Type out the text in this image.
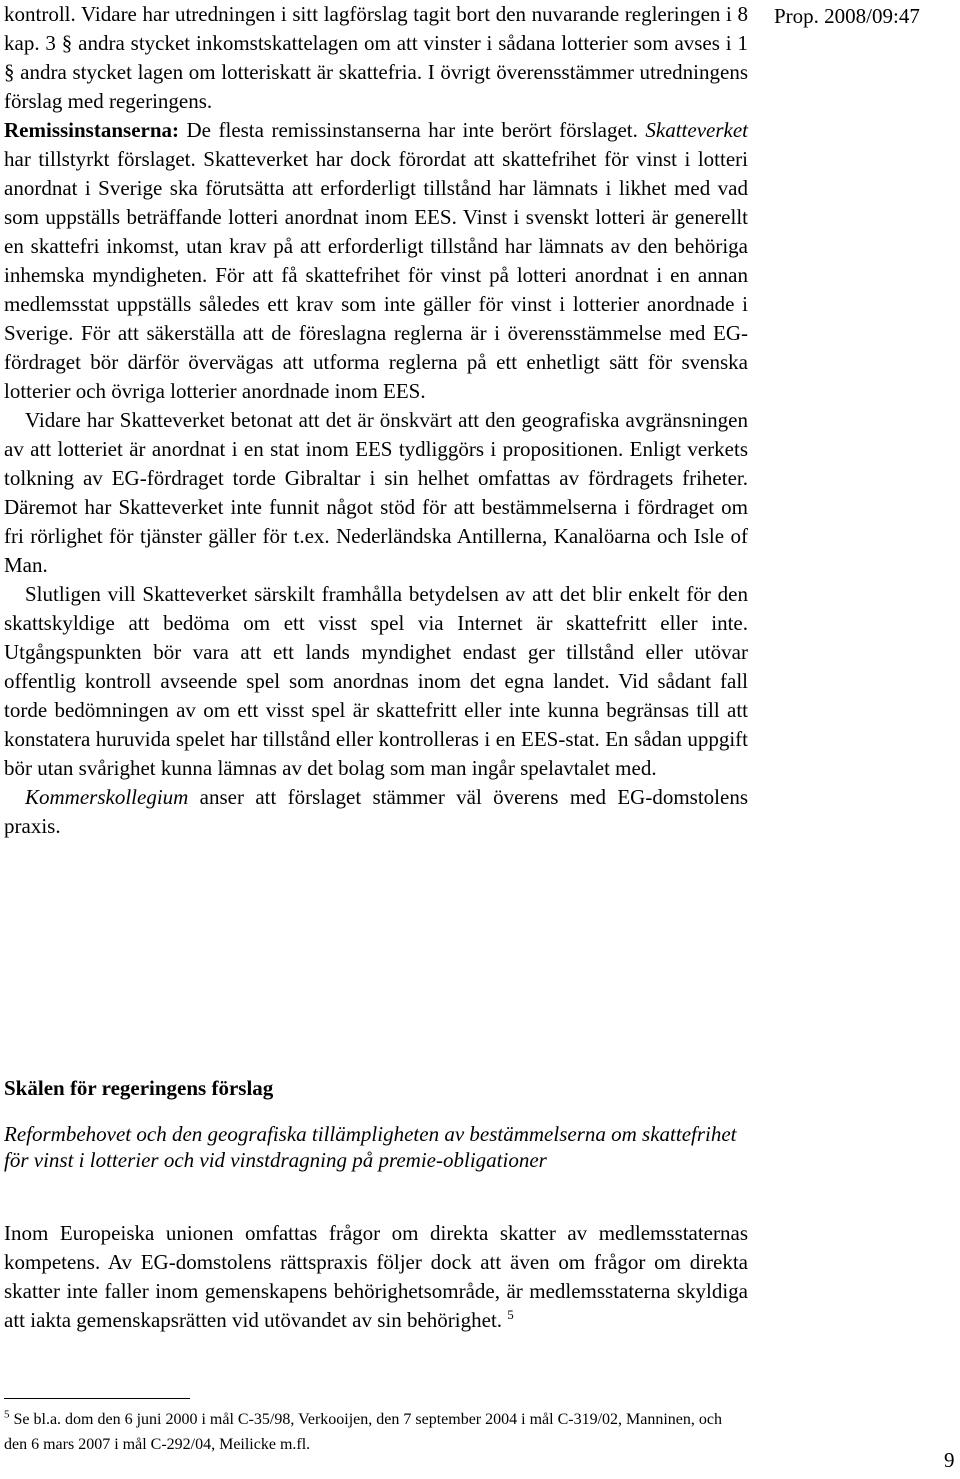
Prop. 2008/09:47

kontroll. Vidare har utredningen i sitt lagförslag tagit bort den nuvarande regleringen i 8 kap. 3 § andra stycket inkomstskattelagen om att vinster i sådana lotterier som avses i 1 § andra stycket lagen om lotteriskatt är skattefria. I övrigt överensstämmer utredningens förslag med regeringens.

Remissinstanserna: De flesta remissinstanserna har inte berört förslaget. Skatteverket har tillstyrkt förslaget. Skatteverket har dock förordat att skattefrihet för vinst i lotteri anordnat i Sverige ska förutsätta att erforderligt tillstånd har lämnats i likhet med vad som uppställs beträffande lotteri anordnat inom EES. Vinst i svenskt lotteri är generellt en skattefri inkomst, utan krav på att erforderligt tillstånd har lämnats av den behöriga inhemska myndigheten. För att få skattefrihet för vinst på lotteri anordnat i en annan medlemsstat uppställs således ett krav som inte gäller för vinst i lotterier anordnade i Sverige. För att säkerställa att de föreslagna reglerna är i överensstämmelse med EG-fördraget bör därför övervägas att utforma reglerna på ett enhetligt sätt för svenska lotterier och övriga lotterier anordnade inom EES.

Vidare har Skatteverket betonat att det är önskvärt att den geografiska avgränsningen av att lotteriet är anordnat i en stat inom EES tydliggörs i propositionen. Enligt verkets tolkning av EG-fördraget torde Gibraltar i sin helhet omfattas av fördragets friheter. Däremot har Skatteverket inte funnit något stöd för att bestämmelserna i fördraget om fri rörlighet för tjänster gäller för t.ex. Nederländska Antillerna, Kanalöarna och Isle of Man.

Slutligen vill Skatteverket särskilt framhålla betydelsen av att det blir enkelt för den skattskyldige att bedöma om ett visst spel via Internet är skattefritt eller inte. Utgångspunkten bör vara att ett lands myndighet endast ger tillstånd eller utövar offentlig kontroll avseende spel som anordnas inom det egna landet. Vid sådant fall torde bedömningen av om ett visst spel är skattefritt eller inte kunna begränsas till att konstatera huruvida spelet har tillstånd eller kontrolleras i en EES-stat. En sådan uppgift bör utan svårighet kunna lämnas av det bolag som man ingår spelavtalet med.

Kommerskollegium anser att förslaget stämmer väl överens med EG-domstolens praxis.

Skälen för regeringens förslag

Reformbehovet och den geografiska tillämpligheten av bestämmelserna om skattefrihet för vinst i lotterier och vid vinstdragning på premie-obligationer

Inom Europeiska unionen omfattas frågor om direkta skatter av medlemsstaternas kompetens. Av EG-domstolens rättspraxis följer dock att även om frågor om direkta skatter inte faller inom gemenskapens behörighetsområde, är medlemsstaterna skyldiga att iakta gemenskapsrätten vid utövandet av sin behörighet. $^5$

$^5$ Se bl.a. dom den 6 juni 2000 i mål C-35/98, Verkooijen, den 7 september 2004 i mål C-319/02, Manninen, och den 6 mars 2007 i mål C-292/04, Meilicke m.fl.

9
